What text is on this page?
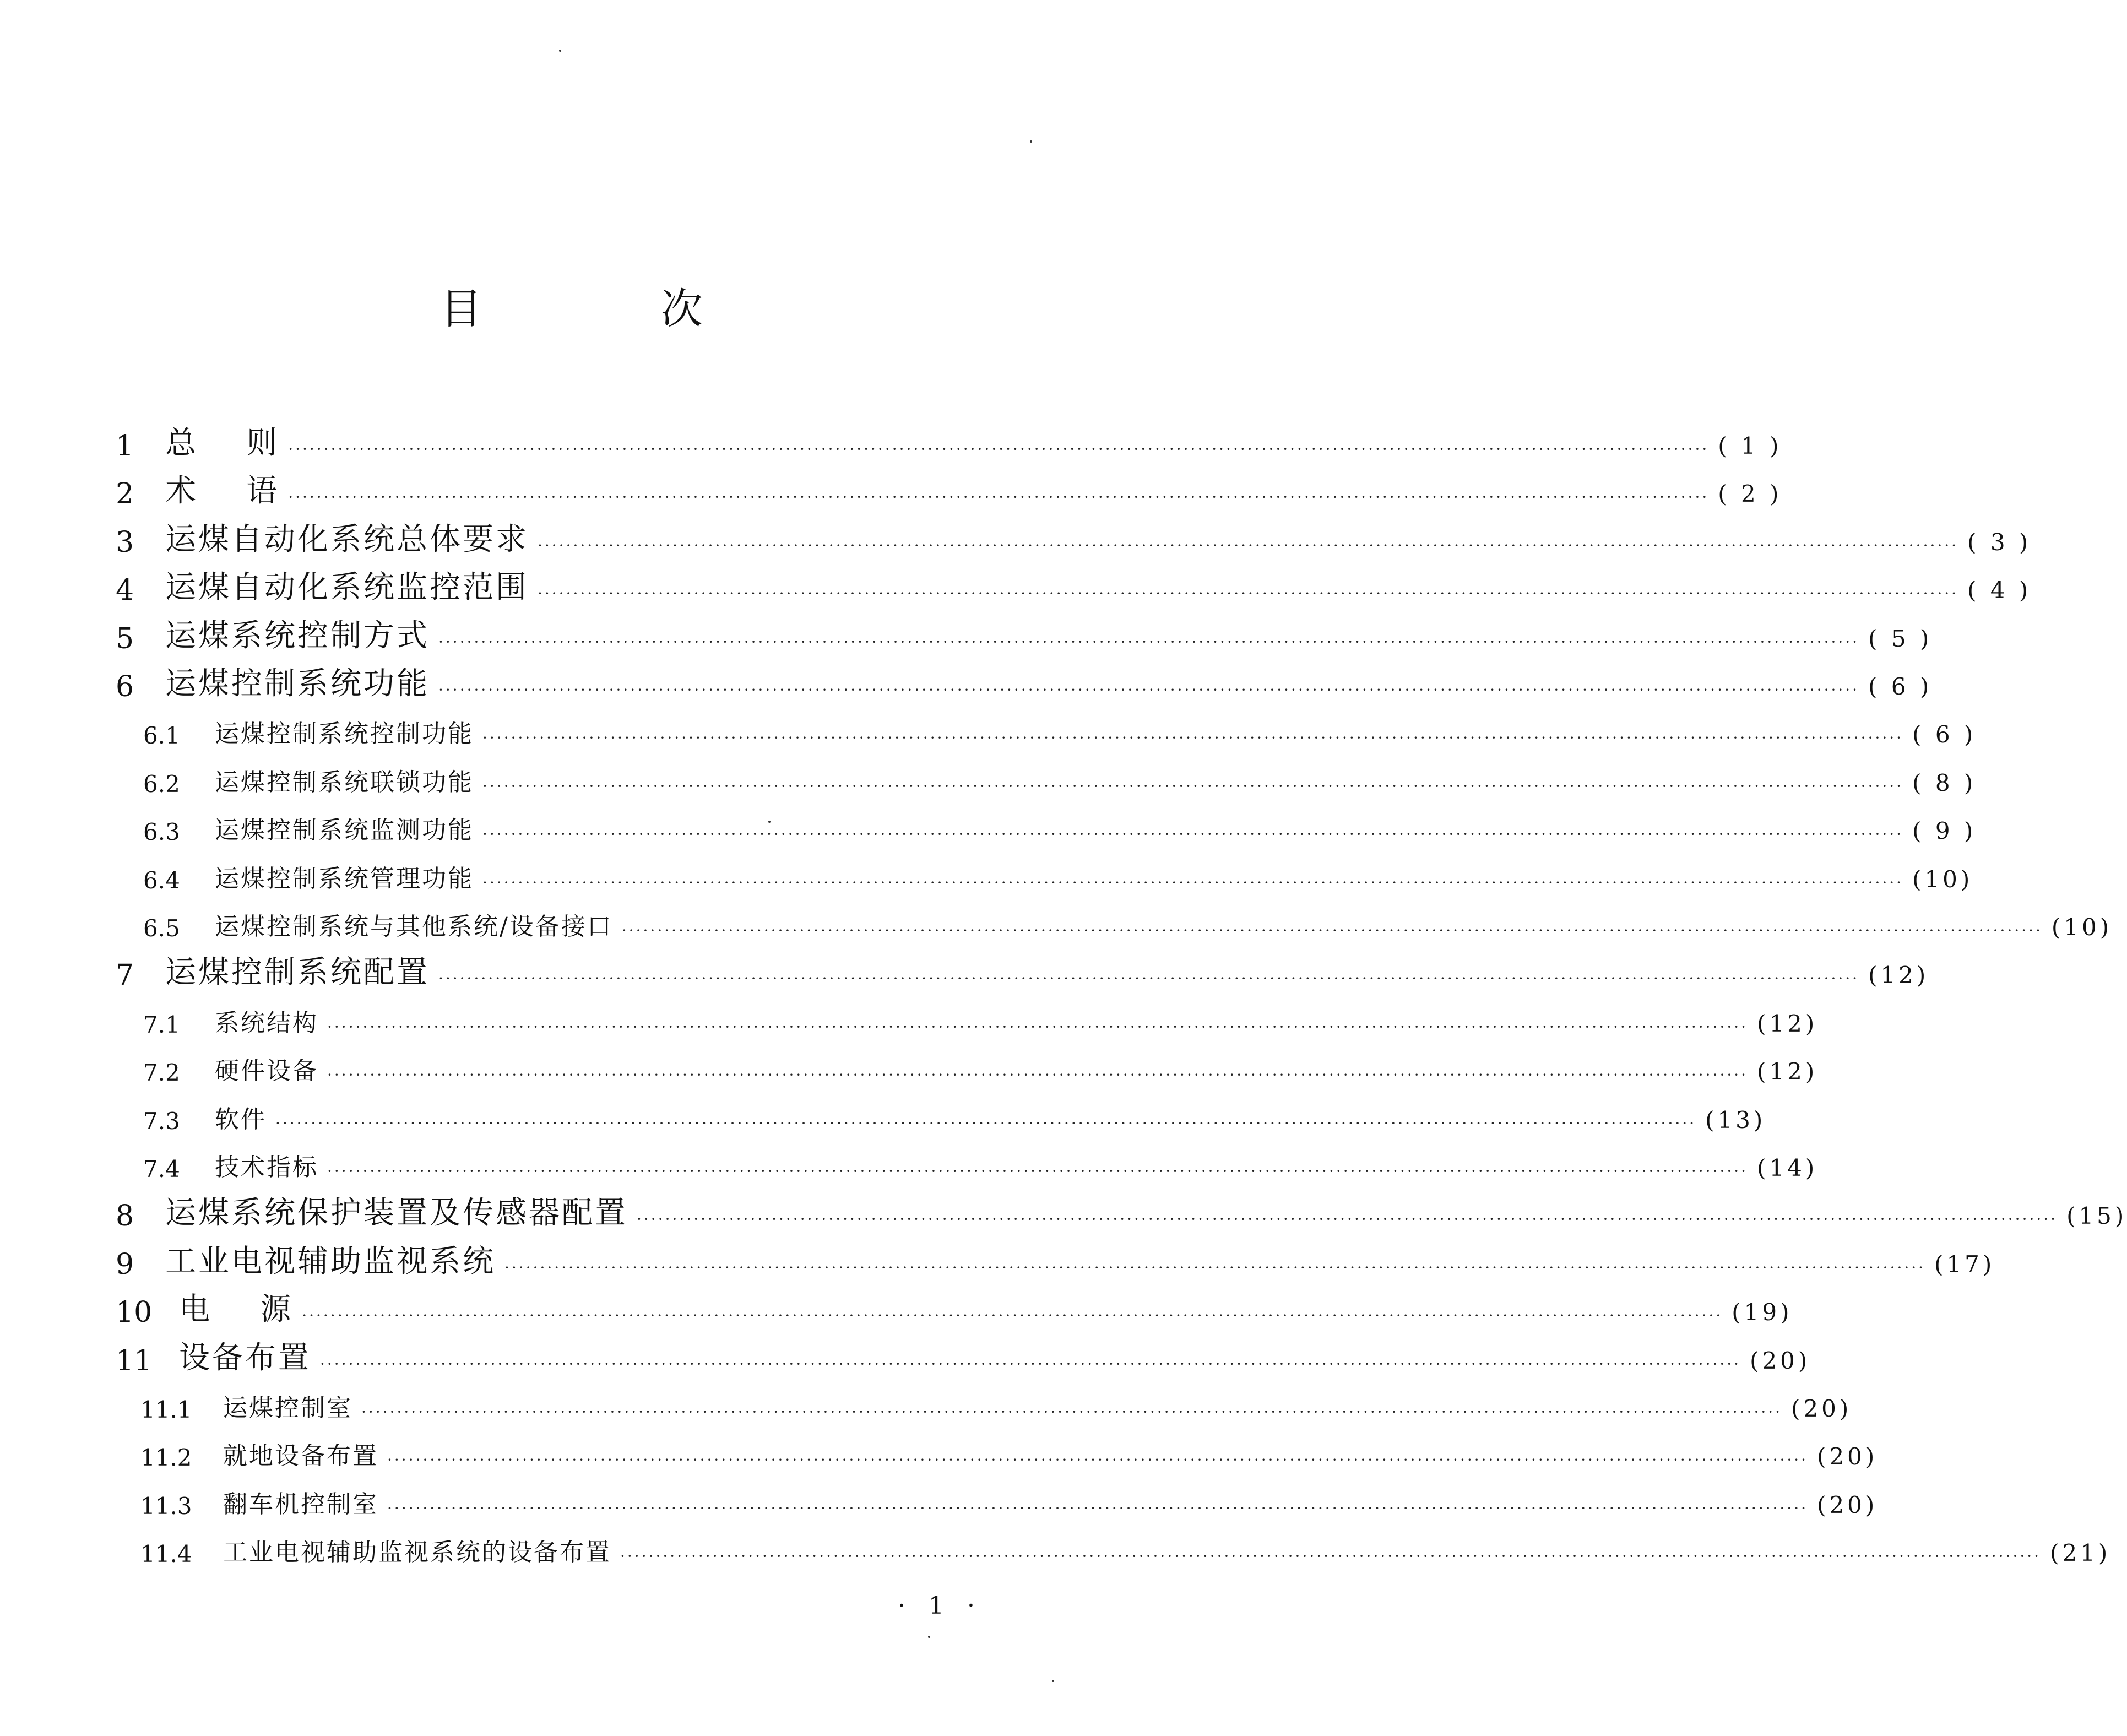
目 次
1	总    则 ········································································································································································································ ( 1 )
2	术    语 ········································································································································································································ ( 2 )
3	运煤自动化系统总体要求 ········································································································································································································ ( 3 )
4	运煤自动化系统监控范围 ········································································································································································································ ( 4 )
5	运煤系统控制方式 ········································································································································································································ ( 5 )
6	运煤控制系统功能 ········································································································································································································ ( 6 )
6.1	运煤控制系统控制功能 ········································································································································································································ ( 6 )
6.2	运煤控制系统联锁功能 ········································································································································································································ ( 8 )
6.3	运煤控制系统监测功能 ········································································································································································································ ( 9 )
6.4	运煤控制系统管理功能 ········································································································································································································ (10)
6.5	运煤控制系统与其他系统/设备接口 ········································································································································································································ (10)
7	运煤控制系统配置 ········································································································································································································ (12)
7.1	系统结构 ········································································································································································································ (12)
7.2	硬件设备 ········································································································································································································ (12)
7.3	软件 ········································································································································································································ (13)
7.4	技术指标 ········································································································································································································ (14)
8	运煤系统保护装置及传感器配置 ········································································································································································································ (15)
9	工业电视辅助监视系统 ········································································································································································································ (17)
10 电    源 ········································································································································································································ (19)
11 设备布置 ········································································································································································································ (20)
11.1	运煤控制室 ········································································································································································································ (20)
11.2	就地设备布置 ········································································································································································································ (20)
11.3	翻车机控制室 ········································································································································································································ (20)
11.4	工业电视辅助监视系统的设备布置 ········································································································································································································ (21)
· 1 ·
